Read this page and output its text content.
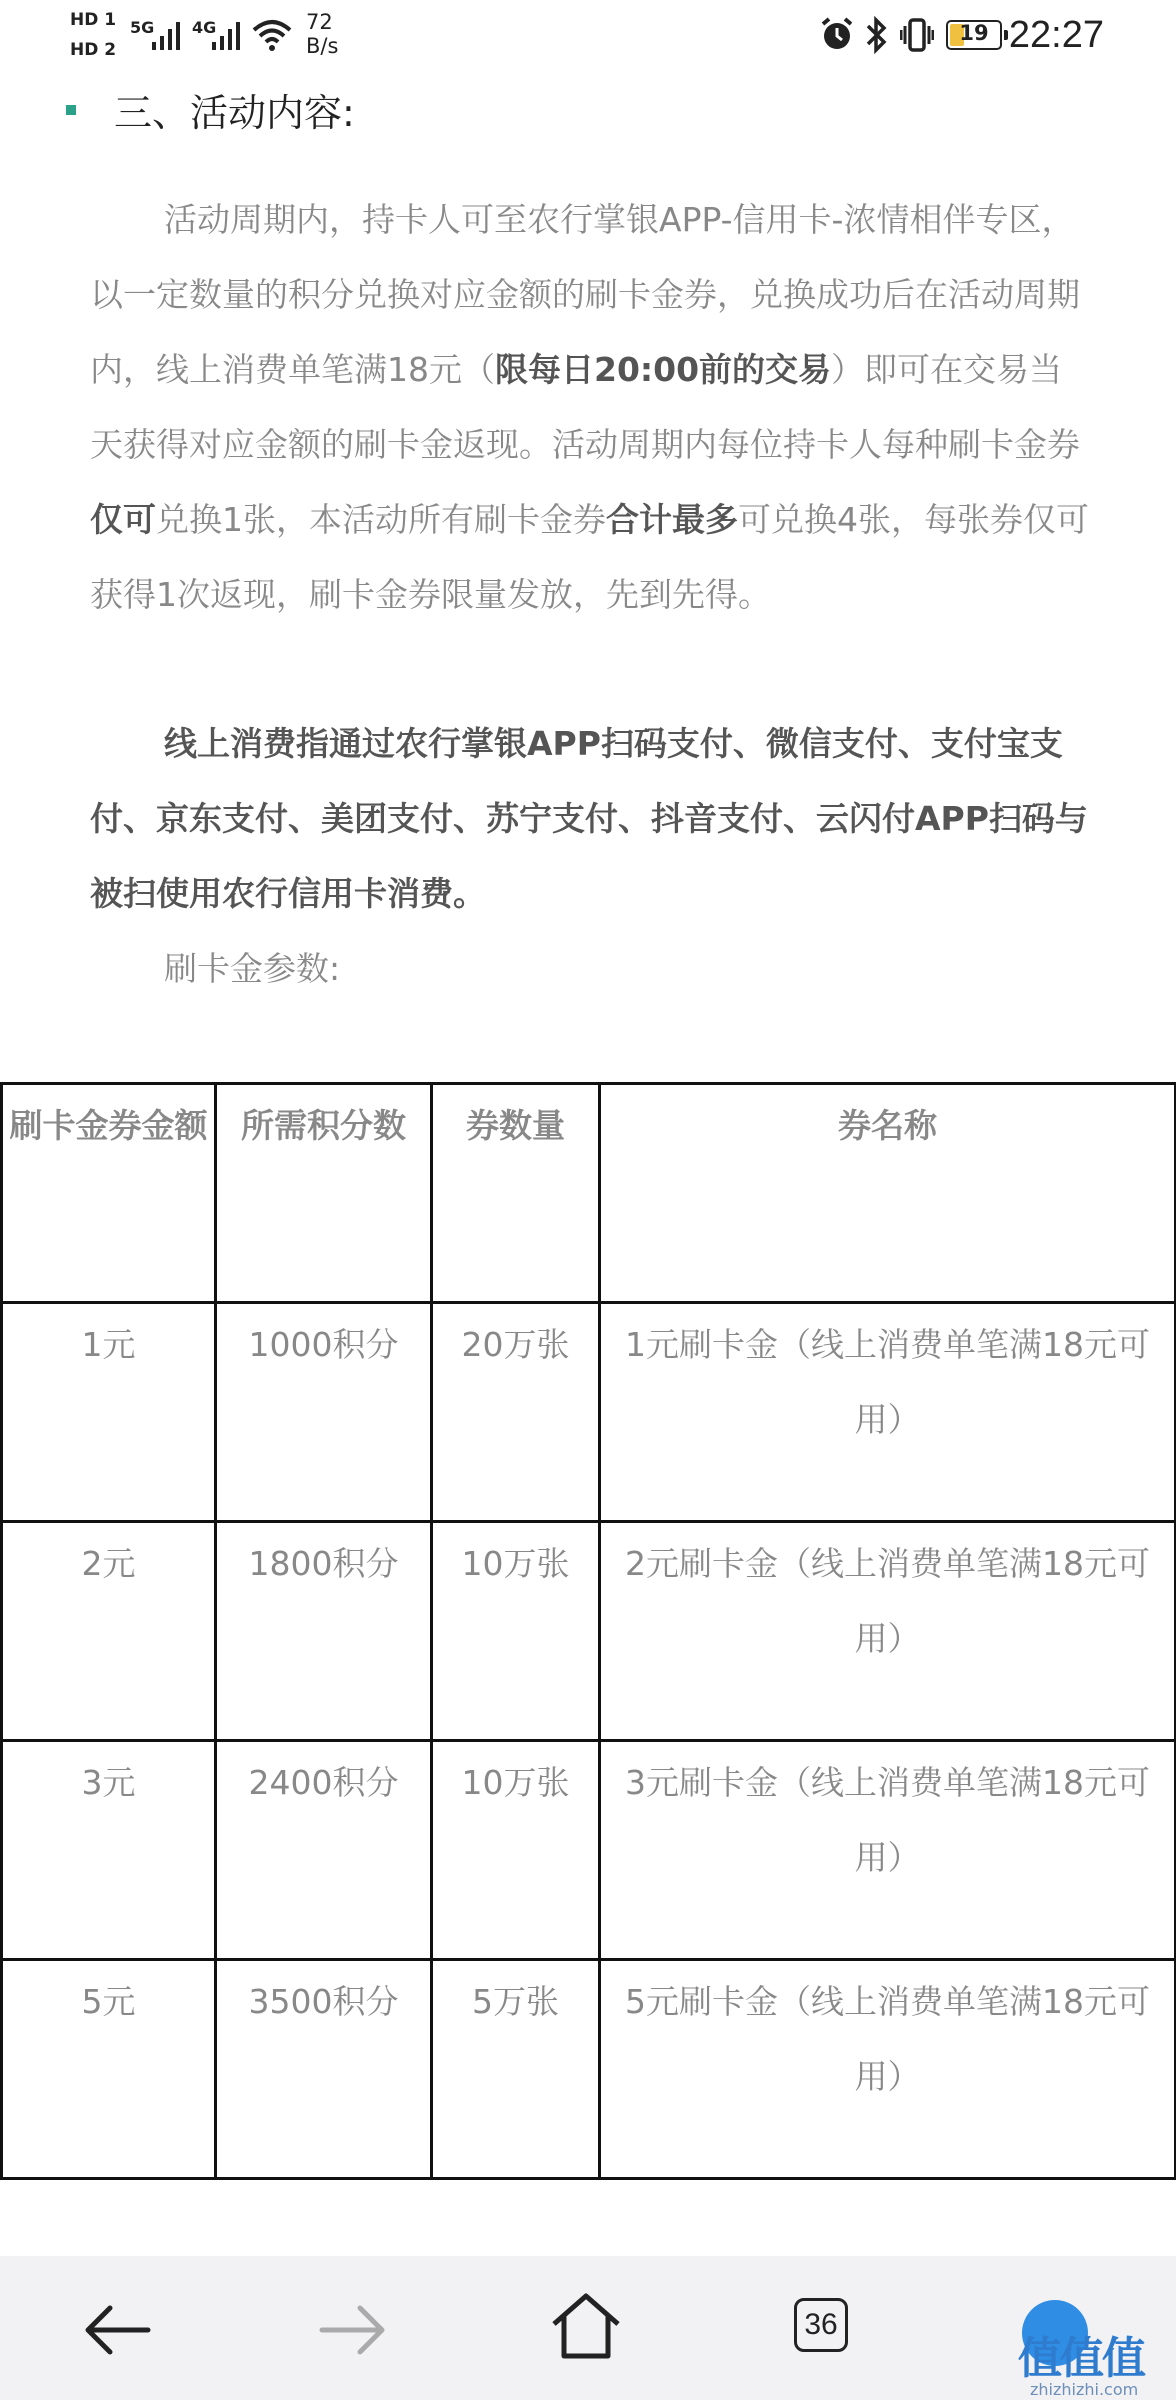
HD 1
HD 2
5G 4G	72
B/s
19 22:27
三、活动内容:
活动周期内，持卡人可至农行掌银APP-信用卡-浓情相伴专区，以一定数量的积分兑换对应金额的刷卡金券，兑换成功后在活动周期内，线上消费单笔满18元（限每日20:00前的交易）即可在交易当天获得对应金额的刷卡金返现。活动周期内每位持卡人每种刷卡金券仅可兑换1张，本活动所有刷卡金券合计最多可兑换4张，每张券仅可获得1次返现，刷卡金券限量发放，先到先得。
线上消费指通过农行掌银APP扫码支付、微信支付、支付宝支付、京东支付、美团支付、苏宁支付、抖音支付、云闪付APP扫码与被扫使用农行信用卡消费。
刷卡金参数:
刷卡金券金额	所需积分数	券数量	券名称
1元	1000积分	20万张	1元刷卡金（线上消费单笔满18元可用）
2元	1800积分	10万张	2元刷卡金（线上消费单笔满18元可用）
3元	2400积分	10万张	3元刷卡金（线上消费单笔满18元可用）
5元	3500积分	5万张	5元刷卡金（线上消费单笔满18元可用）
36
值值值
zhizhizhi.com
